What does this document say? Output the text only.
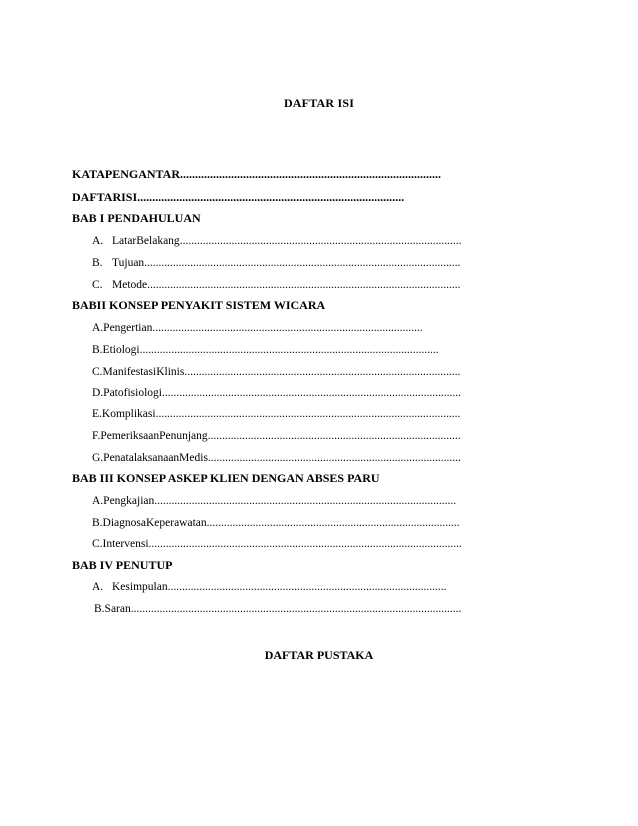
DAFTAR ISI
KATAPENGANTAR.......................................................................................
DAFTARISI.........................................................................................
BAB I PENDAHULUAN
A. LatarBelakang..................................................................................................
B. Tujuan..............................................................................................................
C. Metode.............................................................................................................
BABII KONSEP PENYAKIT SISTEM WICARA
A.Pengertian..............................................................................................
B.Etiologi........................................................................................................
C.ManifestasiKlinis................................................................................................
D.Patofisiologi........................................................................................................
E.Komplikasi..........................................................................................................
F.PemeriksaanPenunjang........................................................................................
G.PenatalaksanaanMedis........................................................................................
BAB III KONSEP ASKEP KLIEN DENGAN ABSES PARU
A.Pengkajian.........................................................................................................
B.DiagnosaKeperawatan........................................................................................
C.Intervensi.............................................................................................................
BAB IV PENUTUP
A. Kesimpulan.................................................................................................
B.Saran...................................................................................................................
DAFTAR PUSTAKA
